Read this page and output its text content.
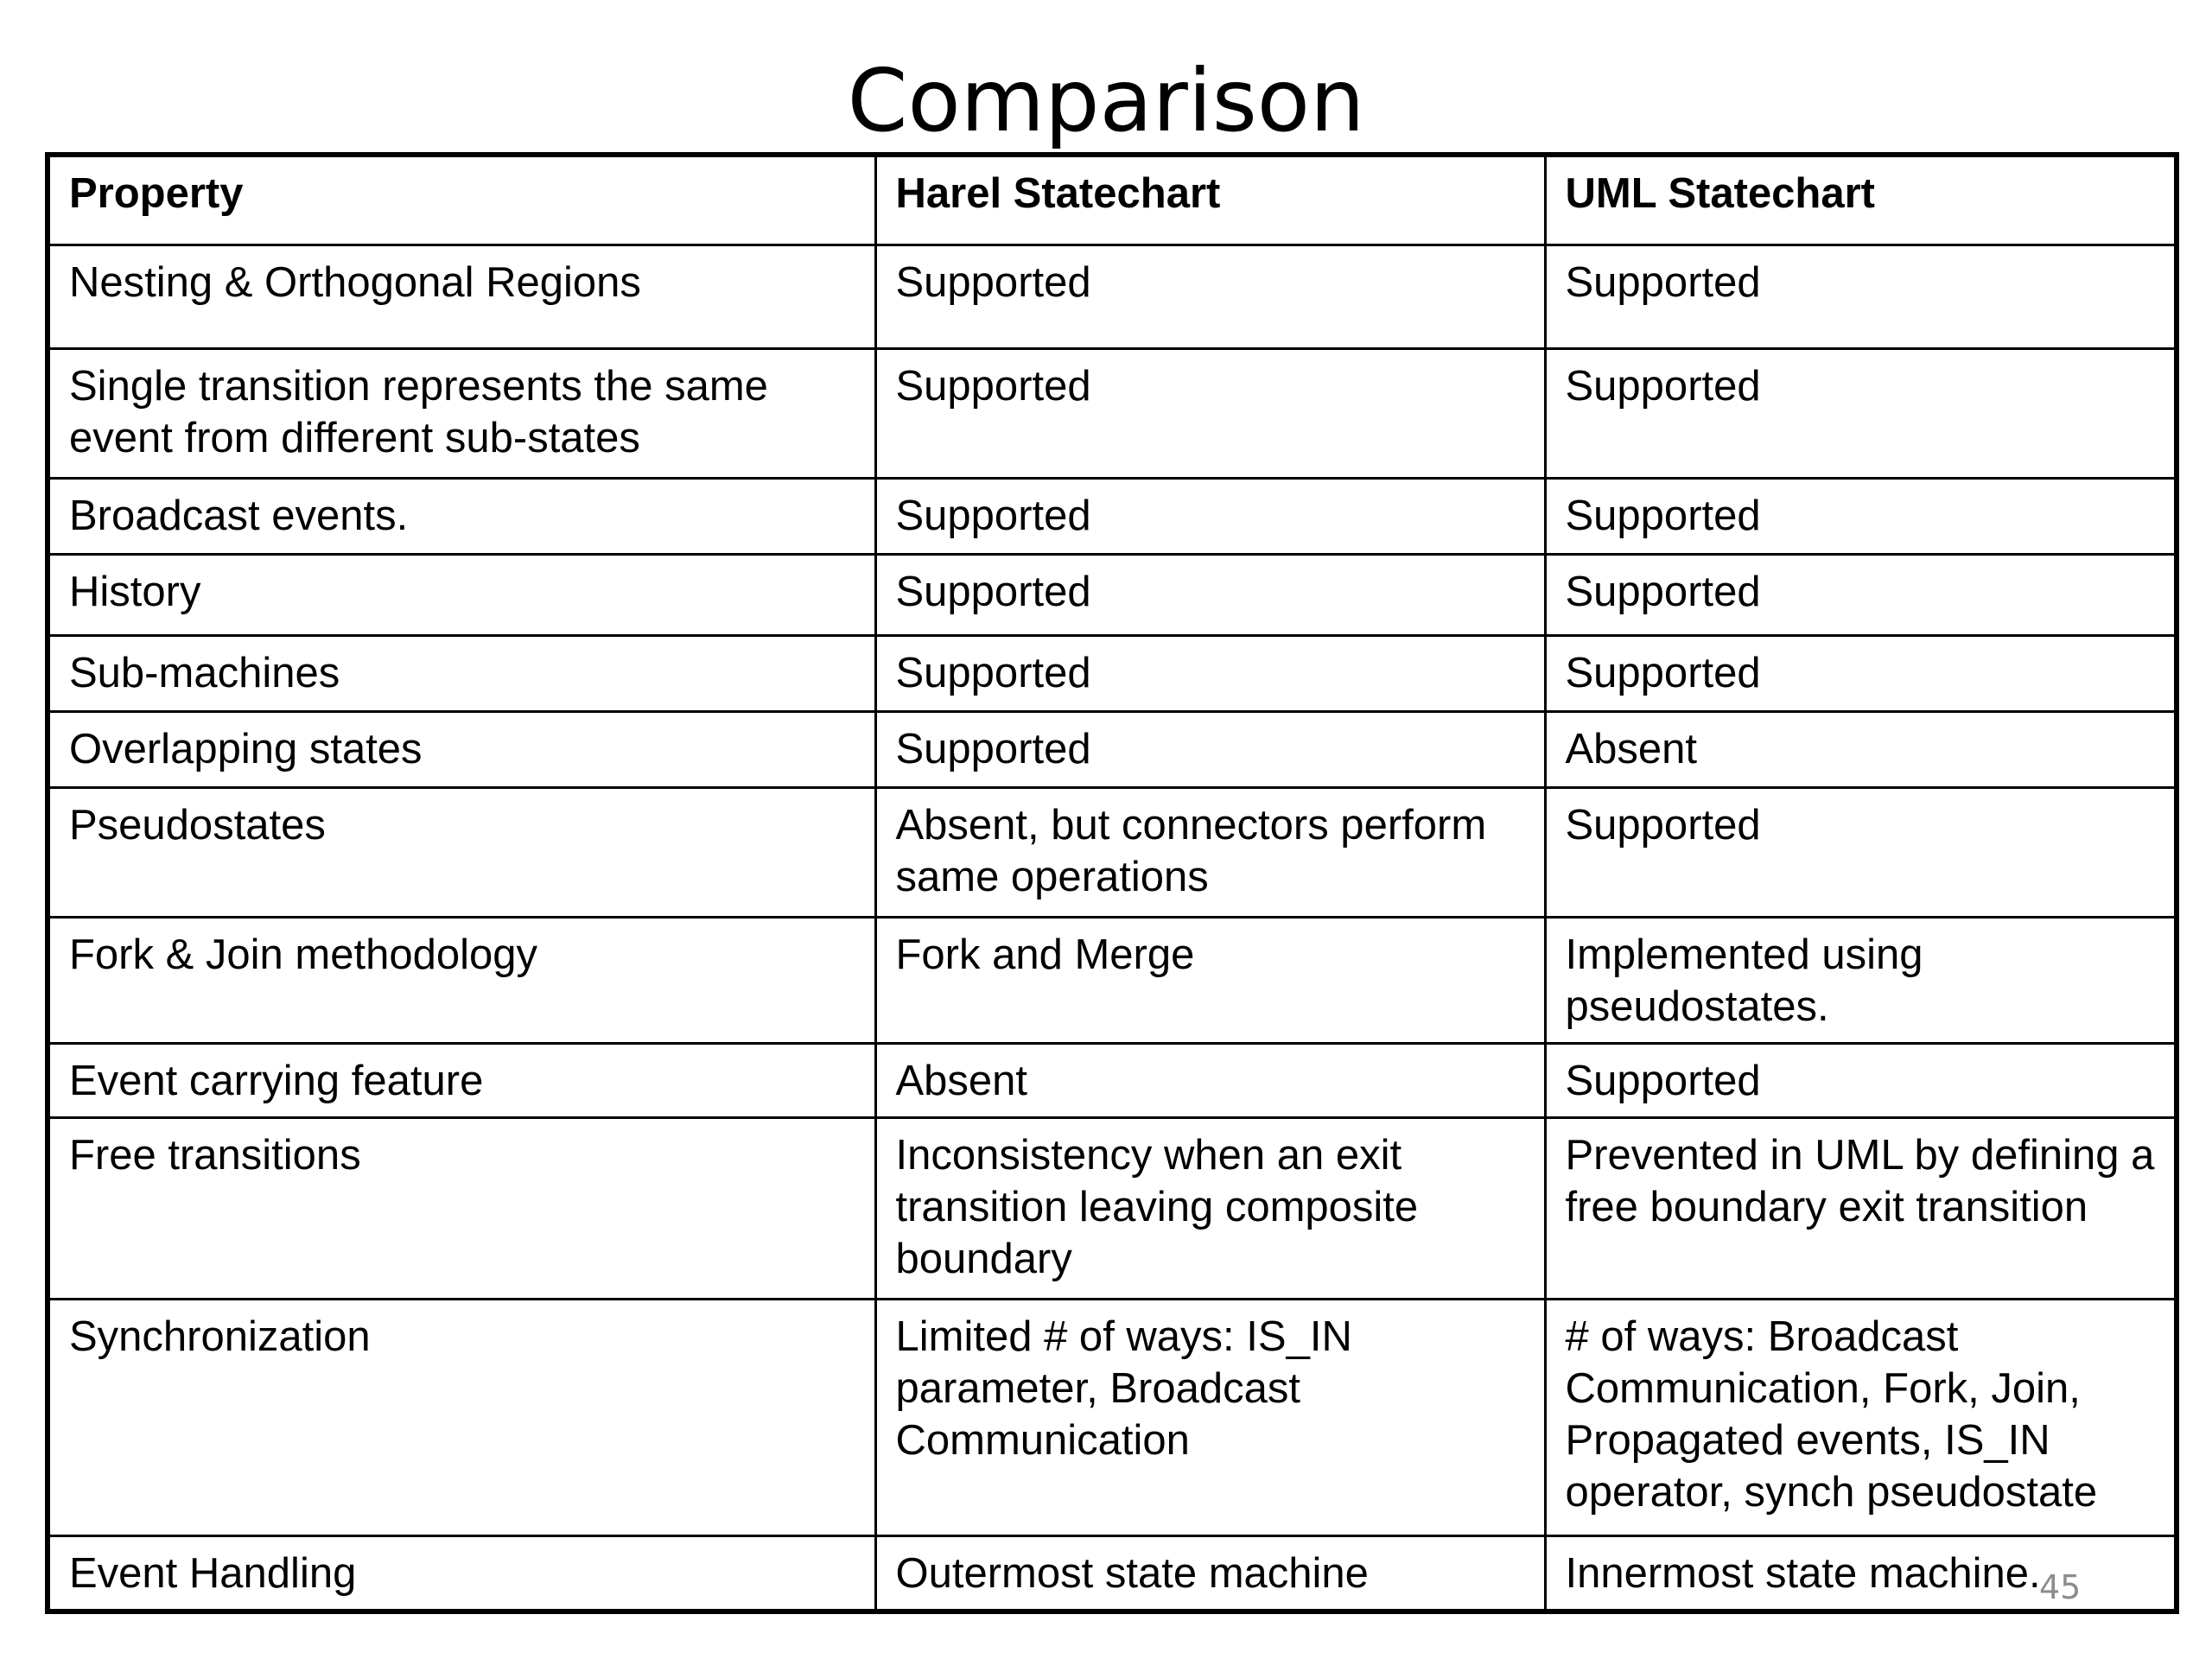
Comparison
Property	Harel Statechart	UML Statechart
Nesting & Orthogonal Regions	Supported	Supported
Single transition represents the same event from different sub-states	Supported	Supported
Broadcast events.	Supported	Supported
History	Supported	Supported
Sub-machines	Supported	Supported
Overlapping states	Supported	Absent
Pseudostates	Absent, but connectors perform same operations	Supported
Fork & Join methodology	Fork and Merge	Implemented using pseudostates.
Event carrying feature	Absent	Supported
Free transitions	Inconsistency when an exit transition leaving composite boundary	Prevented in UML by defining a free boundary exit transition
Synchronization	Limited # of ways: IS_IN parameter, Broadcast Communication	# of ways: Broadcast Communication, Fork, Join, Propagated events, IS_IN operator, synch pseudostate
Event Handling	Outermost state machine	Innermost state machine.
45
